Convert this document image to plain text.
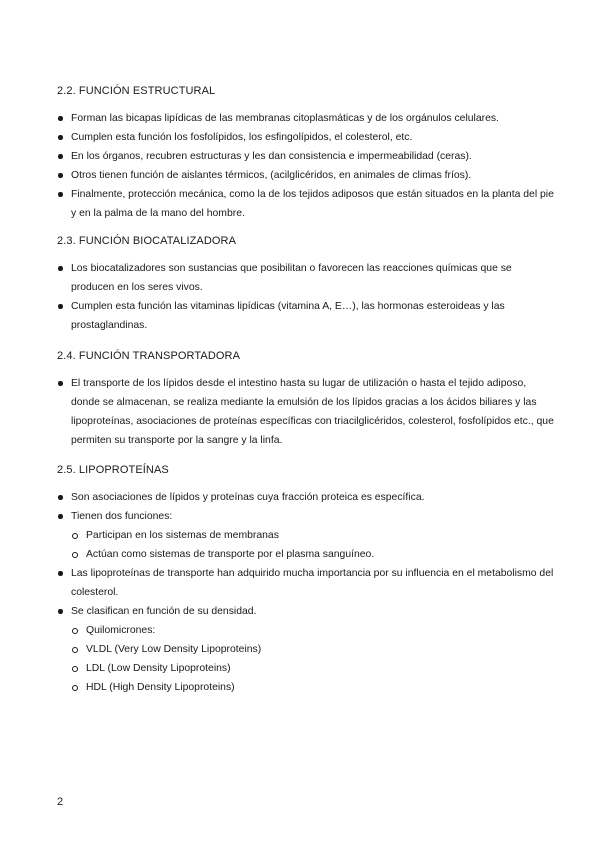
2.2. FUNCIÓN ESTRUCTURAL
Forman las bicapas lipídicas de las membranas citoplasmáticas y de los orgánulos celulares.
Cumplen esta función los fosfolípidos, los esfingolípidos, el colesterol, etc.
En los órganos, recubren estructuras y les dan consistencia e impermeabilidad (ceras).
Otros tienen función de aislantes térmicos, (acilglicéridos, en animales de climas fríos).
Finalmente, protección mecánica, como la de los tejidos adiposos que están situados en la planta del pie y en la palma de la mano del hombre.
2.3. FUNCIÓN BIOCATALIZADORA
Los biocatalizadores son sustancias que posibilitan o favorecen las reacciones químicas que se producen en los seres vivos.
Cumplen esta función las vitaminas lipídicas (vitamina A, E…), las hormonas esteroideas y las prostaglandinas.
2.4. FUNCIÓN TRANSPORTADORA
El transporte de los lípidos desde el intestino hasta su lugar de utilización o hasta el tejido adiposo, donde se almacenan, se realiza mediante la emulsión de los lípidos gracias a los ácidos biliares y las lipoproteínas, asociaciones de proteínas específicas con triacilglicéridos, colesterol, fosfolípidos etc., que permiten su transporte por la sangre y la linfa.
2.5. LIPOPROTEÍNAS
Son asociaciones de lípidos y proteínas cuya fracción proteica es específica.
Tienen dos funciones:
Participan en los sistemas de membranas
Actúan como sistemas de transporte por el plasma sanguíneo.
Las lipoproteínas de transporte han adquirido mucha importancia por su influencia en el metabolismo del colesterol.
Se clasifican en función de su densidad.
Quilomicrones:
VLDL (Very Low Density Lipoproteins)
LDL (Low Density Lipoproteins)
HDL (High Density Lipoproteins)
2
